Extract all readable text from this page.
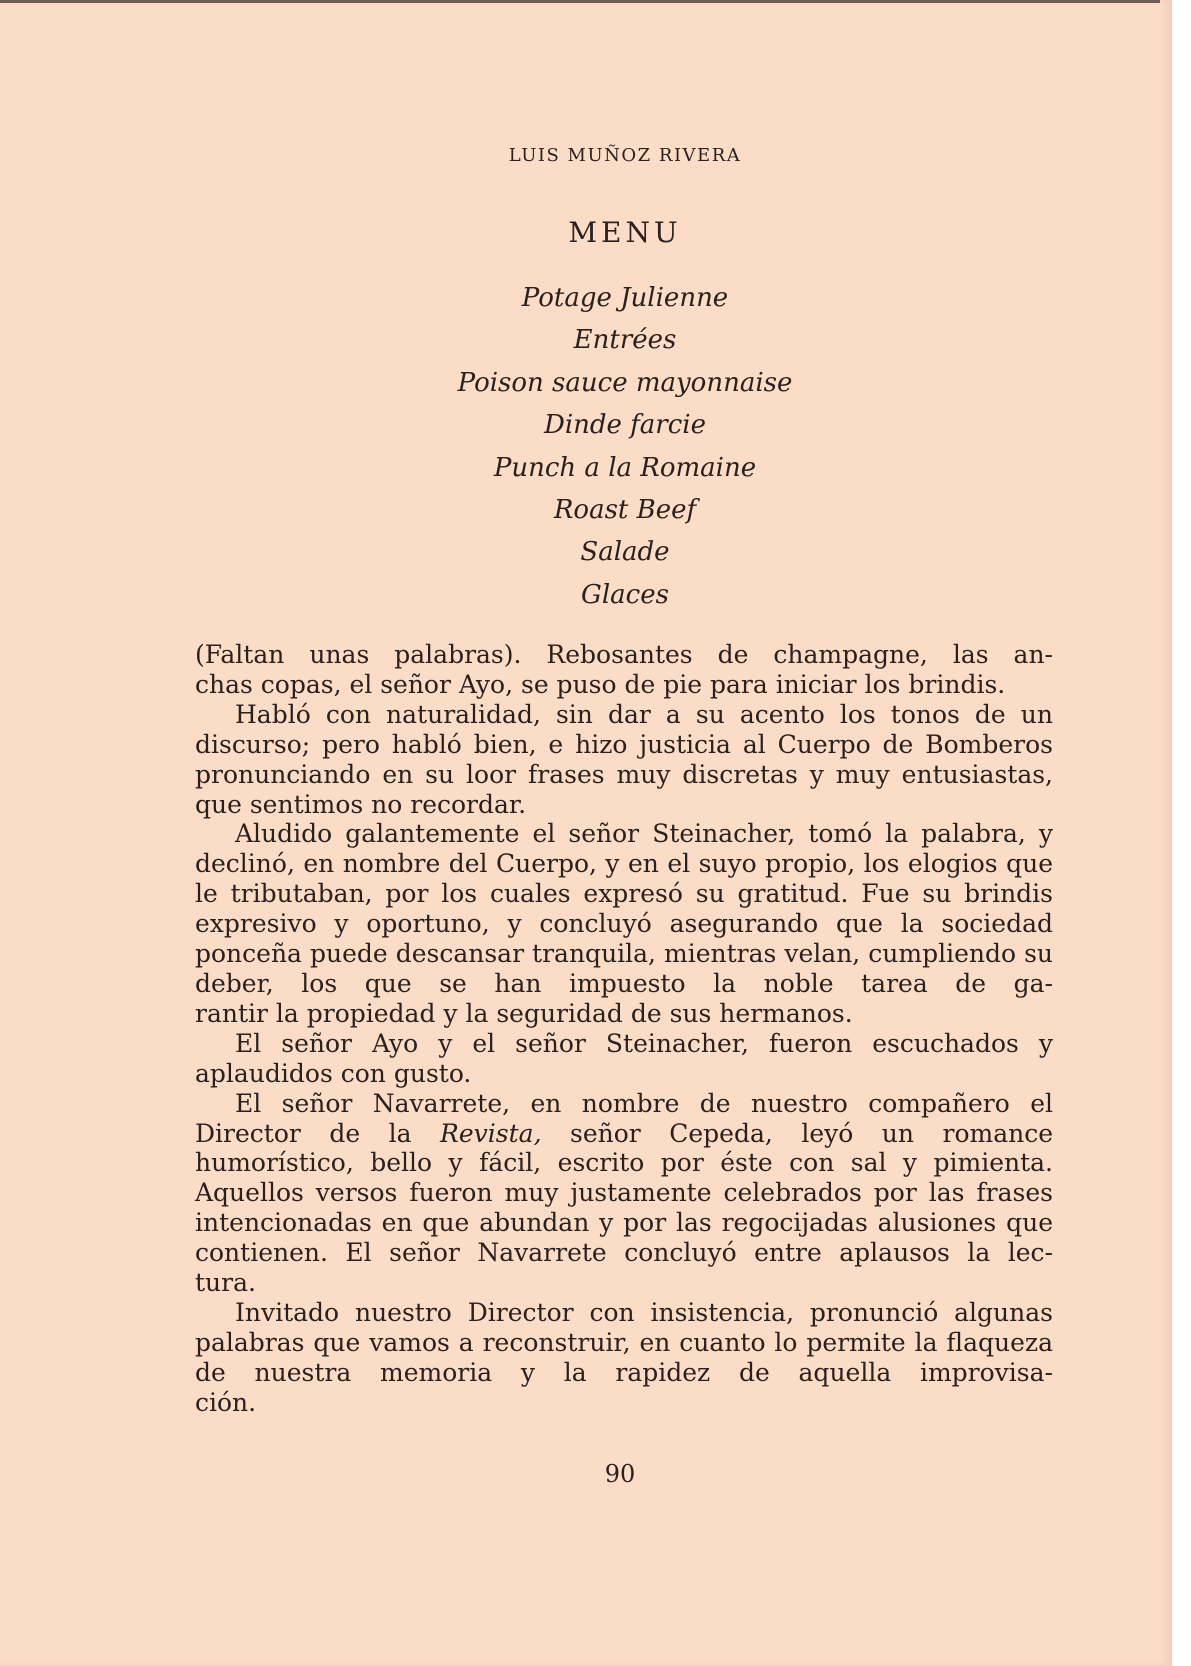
LUIS MUÑOZ RIVERA
MENU
Potage Julienne
Entrées
Poison sauce mayonnaise
Dinde farcie
Punch a la Romaine
Roast Beef
Salade
Glaces

(Faltan unas palabras). Rebosantes de champagne, las an-
chas copas, el señor Ayo, se puso de pie para iniciar los brindis.

Habló con naturalidad, sin dar a su acento los tonos de un discurso; pero habló bien, e hizo justicia al Cuerpo de Bomberos pronunciando en su loor frases muy discretas y muy entusiastas,
que sentimos no recordar.

Aludido galantemente el señor Steinacher, tomó la palabra, y declinó, en nombre del Cuerpo, y en el suyo propio, los elogios que le tributaban, por los cuales expresó su gratitud. Fue su brindis expresivo y oportuno, y concluyó asegurando que la sociedad ponceña puede descansar tranquila, mientras velan, cumpliendo su deber, los que se han impuesto la noble tarea de ga-
rantir la propiedad y la seguridad de sus hermanos.

El señor Ayo y el señor Steinacher, fueron escuchados y
aplaudidos con gusto.

El señor Navarrete, en nombre de nuestro compañero el Director de la Revista, señor Cepeda, leyó un romance humorístico, bello y fácil, escrito por éste con sal y pimienta. Aquellos versos fueron muy justamente celebrados por las frases intencionadas en que abundan y por las regocijadas alusiones que contienen. El señor Navarrete concluyó entre aplausos la lec-
tura.

Invitado nuestro Director con insistencia, pronunció algunas palabras que vamos a reconstruir, en cuanto lo permite la flaqueza de nuestra memoria y la rapidez de aquella improvisa-
ción.

90
